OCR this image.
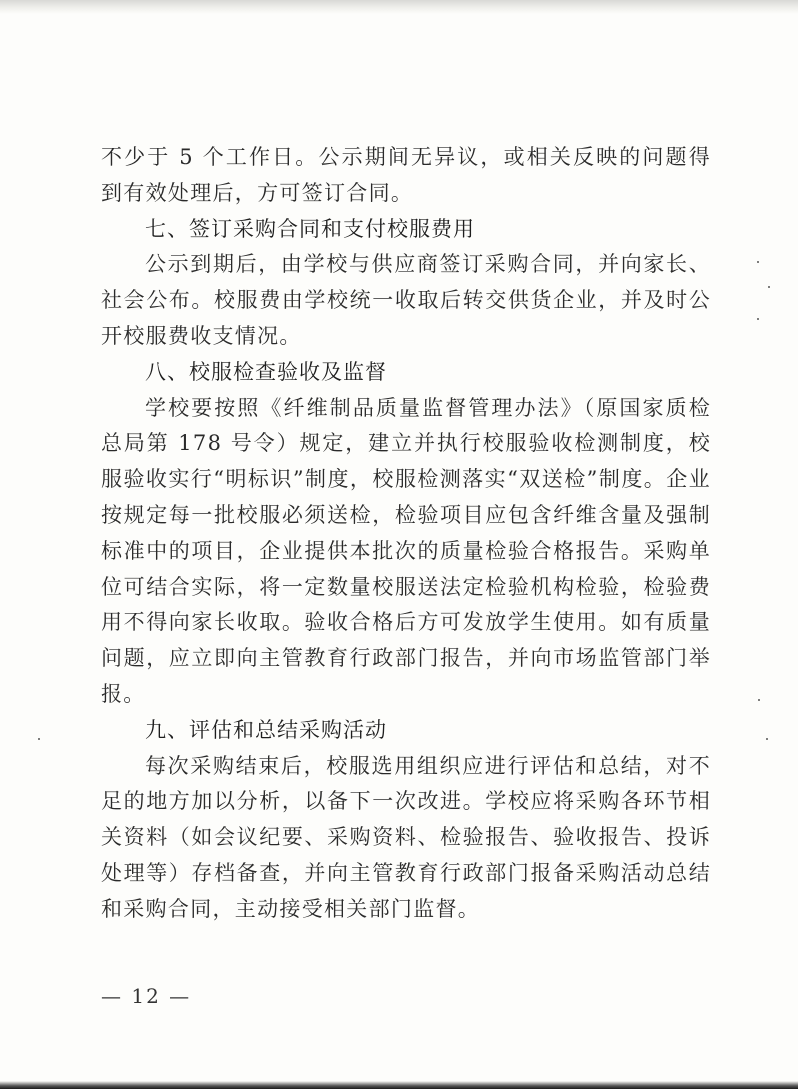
不少于 5 个工作日。公示期间无异议，或相关反映的问题得到有效处理后，方可签订合同。

七、签订采购合同和支付校服费用

公示到期后，由学校与供应商签订采购合同，并向家长、社会公布。校服费由学校统一收取后转交供货企业，并及时公开校服费收支情况。

八、校服检查验收及监督

学校要按照《纤维制品质量监督管理办法》（原国家质检总局第 178 号令）规定，建立并执行校服验收检测制度，校服验收实行“明标识”制度，校服检测落实“双送检”制度。企业按规定每一批校服必须送检，检验项目应包含纤维含量及强制标准中的项目，企业提供本批次的质量检验合格报告。采购单位可结合实际，将一定数量校服送法定检验机构检验，检验费用不得向家长收取。验收合格后方可发放学生使用。如有质量问题，应立即向主管教育行政部门报告，并向市场监管部门举报。

九、评估和总结采购活动

每次采购结束后，校服选用组织应进行评估和总结，对不足的地方加以分析，以备下一次改进。学校应将采购各环节相关资料（如会议纪要、采购资料、检验报告、验收报告、投诉处理等）存档备查，并向主管教育行政部门报备采购活动总结和采购合同，主动接受相关部门监督。

— 12 —
